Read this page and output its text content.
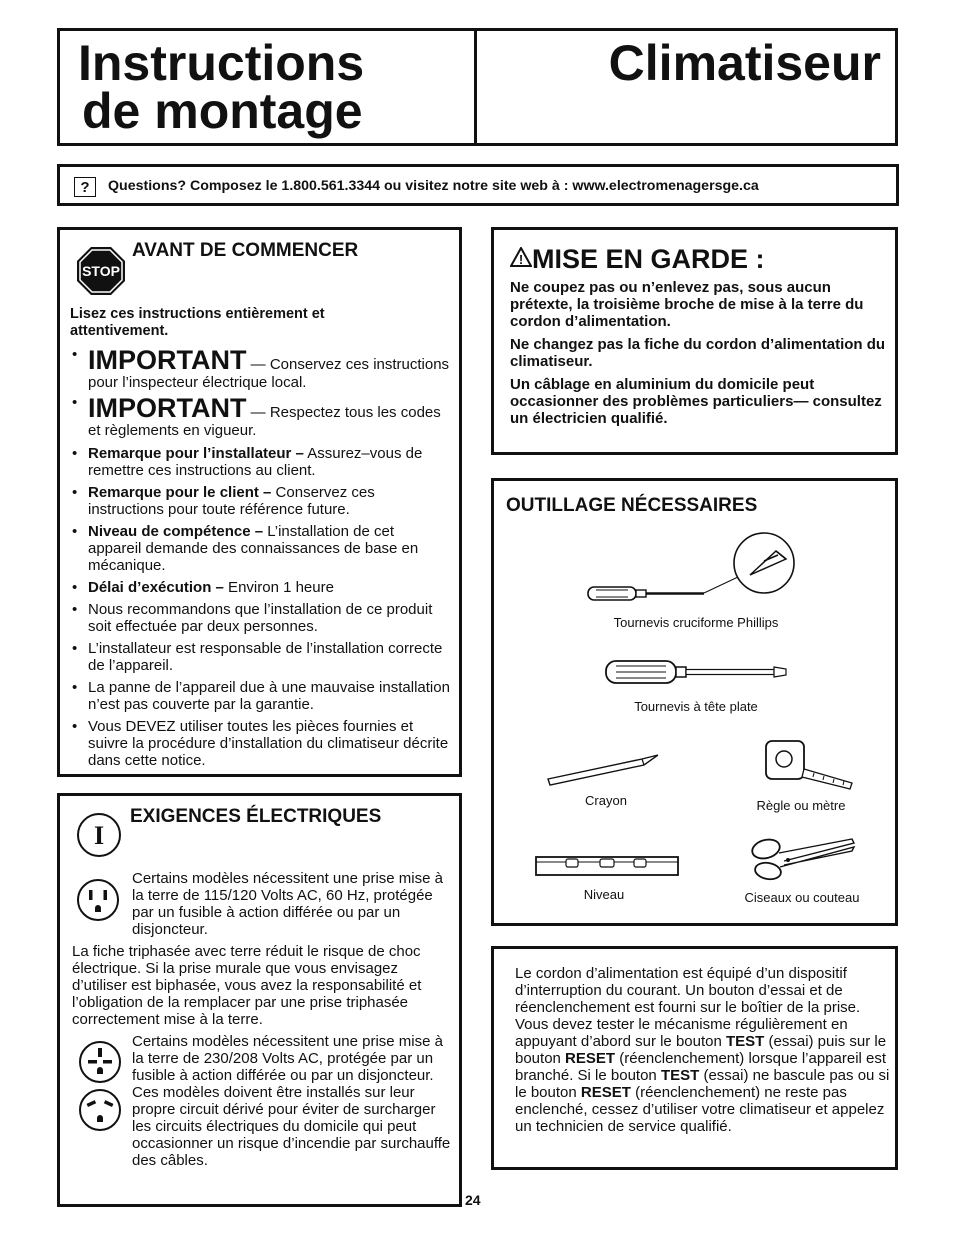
Instructions
de montage
Climatiseur
?	Questions? Composez le 1.800.561.3344 ou visitez notre site web à : www.electromenagersge.ca
STOP
AVANT DE COMMENCER
Lisez ces instructions entièrement et attentivement.
• IMPORTANT — Conservez ces instructions pour l’inspecteur électrique local.
• IMPORTANT — Respectez tous les codes et règlements en vigueur.
• Remarque pour l’installateur – Assurez–vous de remettre ces instructions au client.
• Remarque pour le client – Conservez ces instructions pour toute référence future.
• Niveau de compétence – L’installation de cet appareil demande des connaissances de base en mécanique.
• Délai d’exécution – Environ 1 heure
• Nous recommandons que l’installation de ce produit soit effectuée par deux personnes.
• L’installateur est responsable de l’installation correcte de l’appareil.
• La panne de l’appareil due à une mauvaise installation n’est pas couverte par la garantie.
• Vous DEVEZ utiliser toutes les pièces fournies et suivre la procédure d’installation du climatiseur décrite dans cette notice.
I
EXIGENCES ÉLECTRIQUES
Certains modèles nécessitent une prise mise à la terre de 115/120 Volts AC, 60 Hz, protégée par un fusible à action différée ou par un disjoncteur.
La fiche triphasée avec terre réduit le risque de choc électrique. Si la prise murale que vous envisagez d’utiliser est biphasée, vous avez la responsabilité et l’obligation de la remplacer par une prise triphasée correctement mise à la terre.
Certains modèles nécessitent une prise mise à la terre de 230/208 Volts AC, protégée par un fusible à action différée ou par un disjoncteur. Ces modèles doivent être installés sur leur propre circuit dérivé pour éviter de surcharger les circuits électriques du domicile qui peut occasionner un risque d’incendie par surchauffe des câbles.
24
! MISE EN GARDE :

Ne coupez pas ou n’enlevez pas, sous aucun prétexte, la troisième broche de mise à la terre du cordon d’alimentation.

Ne changez pas la fiche du cordon d’alimentation du climatiseur.

Un câblage en aluminium du domicile peut occasionner des problèmes particuliers— consultez un électricien qualifié.

OUTILLAGE NÉCESSAIRES
Tournevis cruciforme Phillips
Tournevis à tête plate
Crayon	Règle ou mètre
Niveau	Ciseaux ou couteau
Le cordon d’alimentation est équipé d’un dispositif d’interruption du courant. Un bouton d’essai et de réenclenchement est fourni sur le boîtier de la prise. Vous devez tester le mécanisme régulièrement en appuyant d’abord sur le bouton TEST (essai) puis sur le bouton RESET (réenclenchement) lorsque l’appareil est branché. Si le bouton TEST (essai) ne bascule pas ou si le bouton RESET (réenclenchement) ne reste pas enclenché, cessez d’utiliser votre climatiseur et appelez un technicien de service qualifié.
